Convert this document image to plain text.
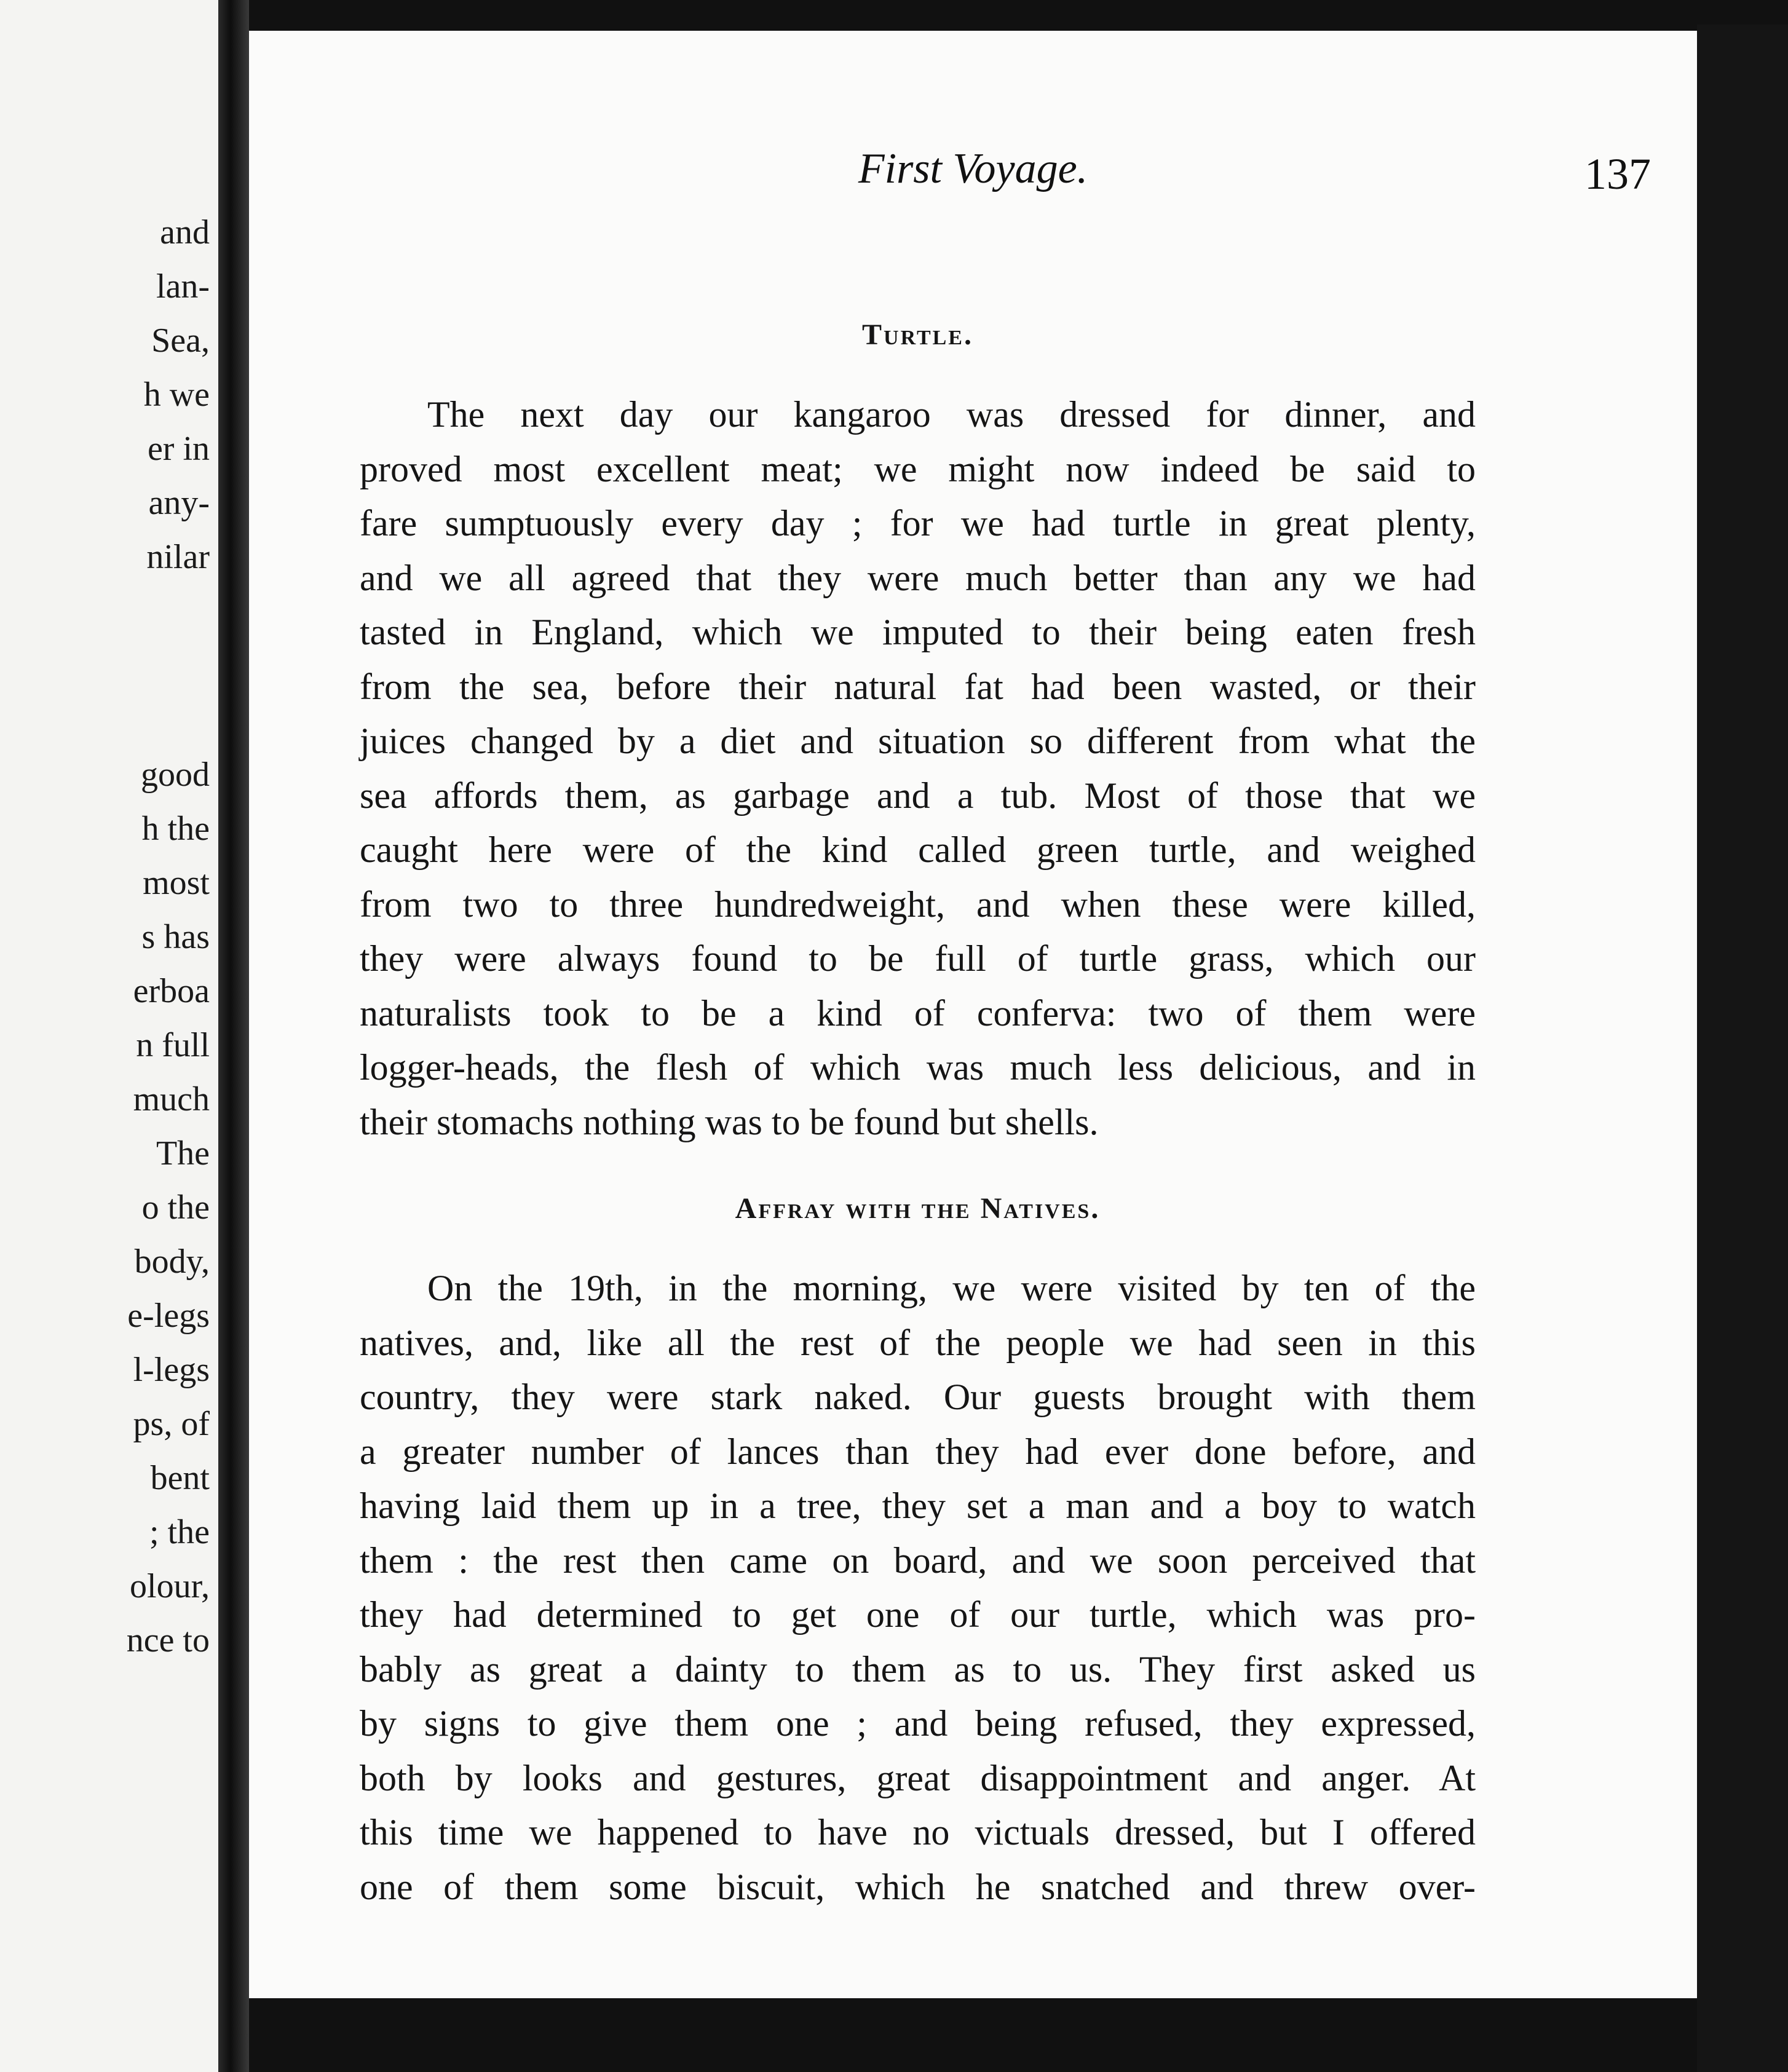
and
lan-
Sea,
h we
er in
any-
nilar
good
h the
most
s has
erboa
n full
much
The
o the
body,
e-legs
l-legs
ps, of
bent
; the
olour,
nce to
First Voyage.	137
Turtle.
The next day our kangaroo was dressed for dinner, and
proved most excellent meat; we might now indeed be said to
fare sumptuously every day ; for we had turtle in great plenty,
and we all agreed that they were much better than any we had
tasted in England, which we imputed to their being eaten fresh
from the sea, before their natural fat had been wasted, or their
juices changed by a diet and situation so different from what the
sea affords them, as garbage and a tub. Most of those that we
caught here were of the kind called green turtle, and weighed
from two to three hundredweight, and when these were killed,
they were always found to be full of turtle grass, which our
naturalists took to be a kind of conferva: two of them were
logger-heads, the flesh of which was much less delicious, and in
their stomachs nothing was to be found but shells.
Affray with the Natives.
On the 19th, in the morning, we were visited by ten of the
natives, and, like all the rest of the people we had seen in this
country, they were stark naked. Our guests brought with them
a greater number of lances than they had ever done before, and
having laid them up in a tree, they set a man and a boy to watch
them : the rest then came on board, and we soon perceived that
they had determined to get one of our turtle, which was pro-
bably as great a dainty to them as to us. They first asked us
by signs to give them one ; and being refused, they expressed,
both by looks and gestures, great disappointment and anger. At
this time we happened to have no victuals dressed, but I offered
one of them some biscuit, which he snatched and threw over-
